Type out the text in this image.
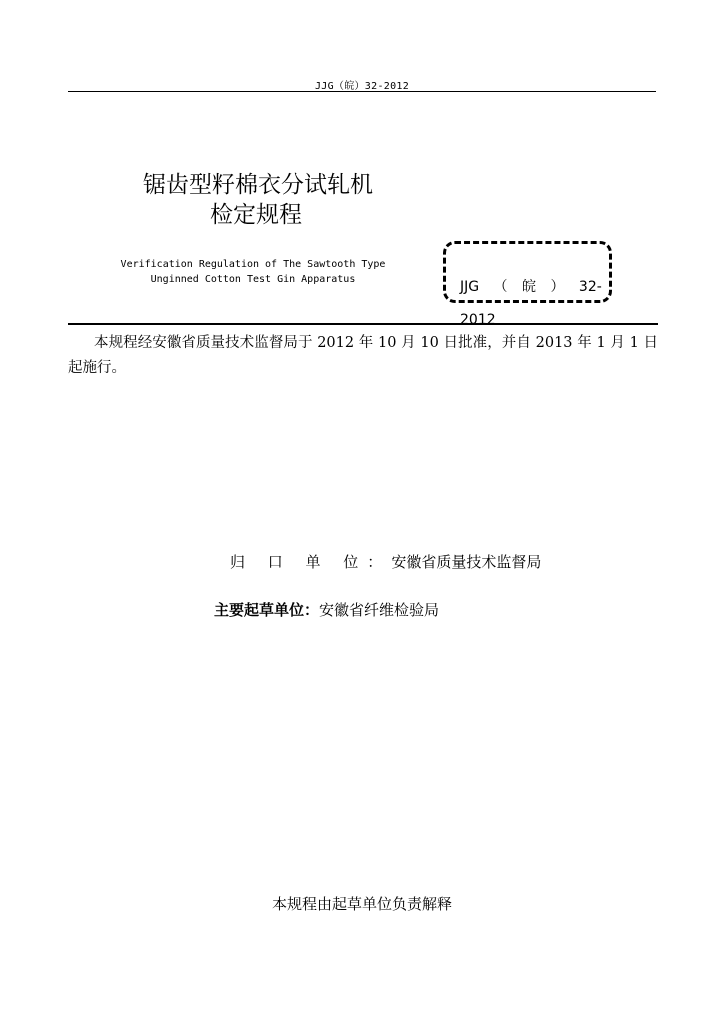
JJG（皖）32-2012
锯齿型籽棉衣分试轧机
检定规程
Verification Regulation of The Sawtooth Type
Unginned Cotton Test Gin Apparatus	JJG （ 皖 ） 32-2012
本规程经安徽省质量技术监督局于 2012 年 10 月 10 日批准，并自 2013 年 1 月 1 日起施行。
归 口 单 位：安徽省质量技术监督局
主要起草单位：安徽省纤维检验局
本规程由起草单位负责解释
